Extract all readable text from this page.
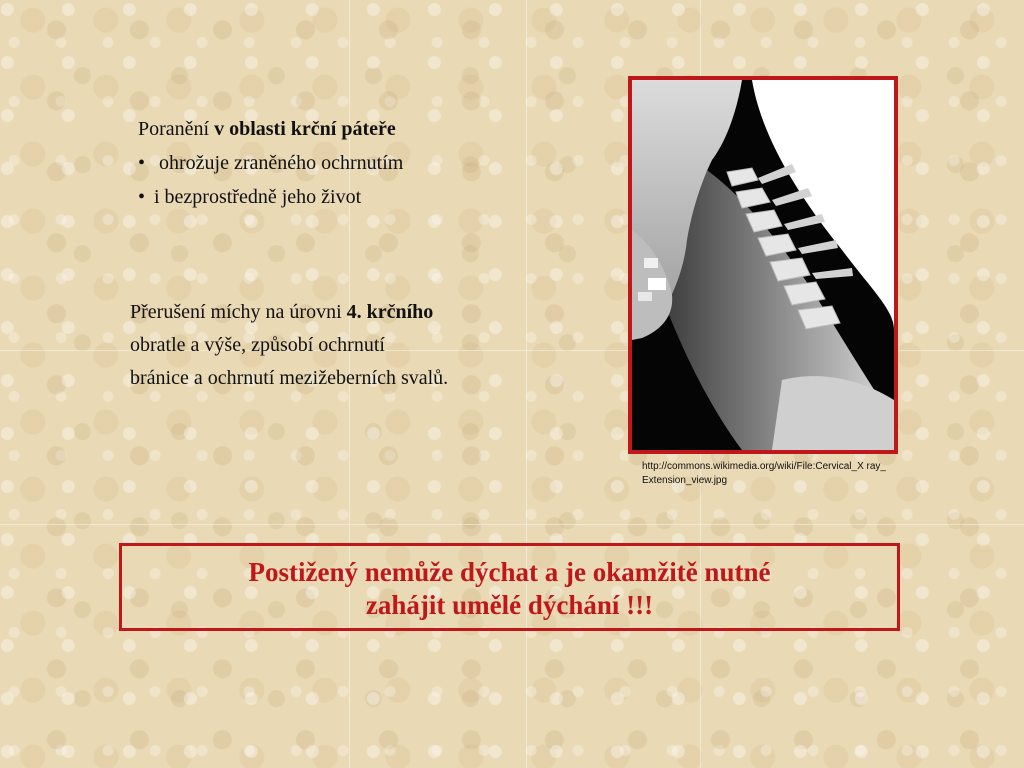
Poranění v oblasti krční páteře
• ohrožuje zraněného ochrnutím
• i bezprostředně jeho život
Přerušení míchy na úrovni 4. krčního
obratle a výše, způsobí ochrnutí
bránice a ochrnutí mezižeberních svalů.
http://commons.wikimedia.org/wiki/File:Cervical_X ray_Extension_view.jpg
Postižený nemůže dýchat a je okamžitě nutné
zahájit umělé dýchání !!!
